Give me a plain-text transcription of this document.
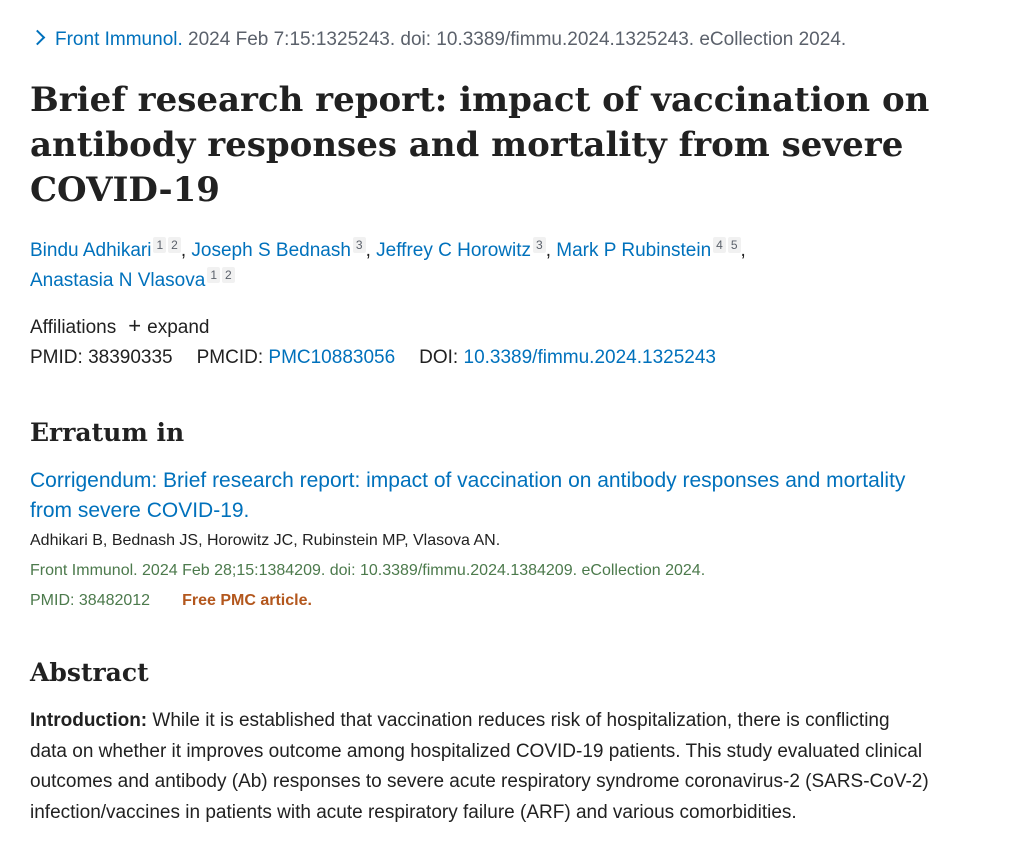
Front Immunol. 2024 Feb 7:15:1325243. doi: 10.3389/fimmu.2024.1325243. eCollection 2024.
Brief research report: impact of vaccination on antibody responses and mortality from severe COVID-19
Bindu Adhikari 1 2 , Joseph S Bednash 3 , Jeffrey C Horowitz 3 , Mark P Rubinstein 4 5 ,
Anastasia N Vlasova 1 2
Affiliations + expand
PMID: 38390335 PMCID: PMC10883056 DOI: 10.3389/fimmu.2024.1325243
Erratum in
Corrigendum: Brief research report: impact of vaccination on antibody responses and mortality from severe COVID-19.
Adhikari B, Bednash JS, Horowitz JC, Rubinstein MP, Vlasova AN.
Front Immunol. 2024 Feb 28;15:1384209. doi: 10.3389/fimmu.2024.1384209. eCollection 2024.
PMID: 38482012 Free PMC article.
Abstract

Introduction: While it is established that vaccination reduces risk of hospitalization, there is conflicting data on whether it improves outcome among hospitalized COVID-19 patients. This study evaluated clinical outcomes and antibody (Ab) responses to severe acute respiratory syndrome coronavirus-2 (SARS-CoV-2) infection/vaccines in patients with acute respiratory failure (ARF) and various comorbidities.
